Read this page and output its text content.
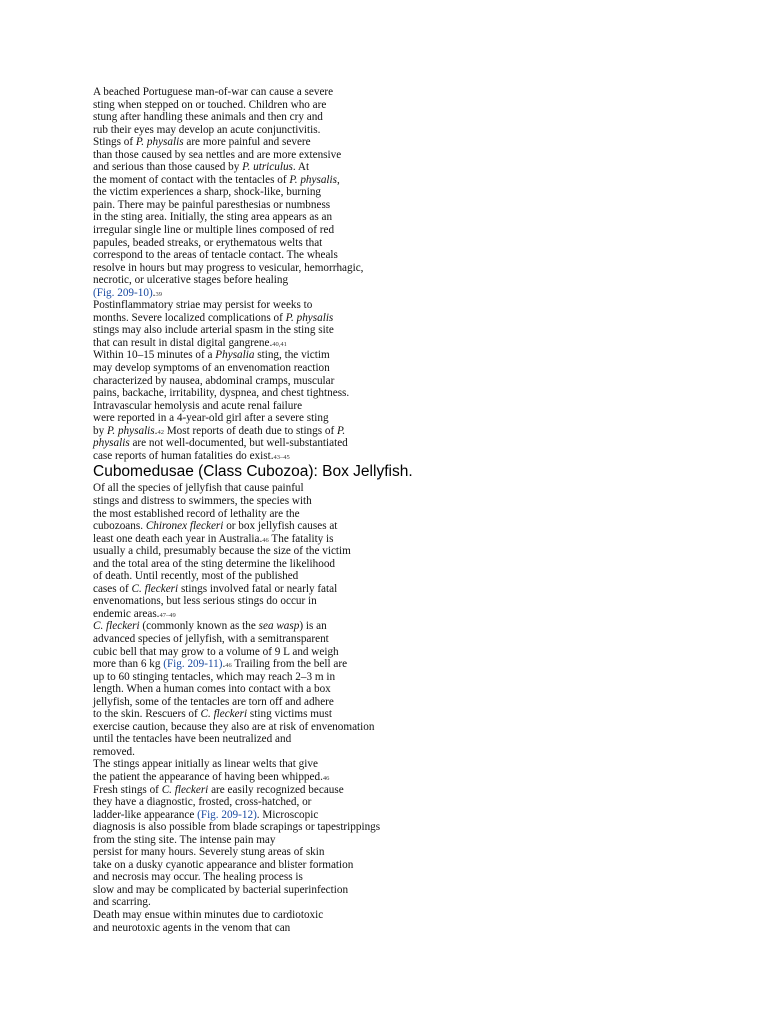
A beached Portuguese man-of-war can cause a severe
sting when stepped on or touched. Children who are
stung after handling these animals and then cry and
rub their eyes may develop an acute conjunctivitis.
Stings of P. physalis are more painful and severe
than those caused by sea nettles and are more extensive
and serious than those caused by P. utriculus. At
the moment of contact with the tentacles of P. physalis,
the victim experiences a sharp, shock-like, burning
pain. There may be painful paresthesias or numbness
in the sting area. Initially, the sting area appears as an
irregular single line or multiple lines composed of red
papules, beaded streaks, or erythematous welts that
correspond to the areas of tentacle contact. The wheals
resolve in hours but may progress to vesicular, hemorrhagic,
necrotic, or ulcerative stages before healing
(Fig. 209-10).39
Postinflammatory striae may persist for weeks to
months. Severe localized complications of P. physalis
stings may also include arterial spasm in the sting site
that can result in distal digital gangrene.40,41
Within 10–15 minutes of a Physalia sting, the victim
may develop symptoms of an envenomation reaction
characterized by nausea, abdominal cramps, muscular
pains, backache, irritability, dyspnea, and chest tightness.
Intravascular hemolysis and acute renal failure
were reported in a 4-year-old girl after a severe sting
by P. physalis.42 Most reports of death due to stings of P.
physalis are not well-documented, but well-substantiated
case reports of human fatalities do exist.43–45
Cubomedusae (Class Cubozoa): Box Jellyfish.
Of all the species of jellyfish that cause painful
stings and distress to swimmers, the species with
the most established record of lethality are the
cubozoans. Chironex fleckeri or box jellyfish causes at
least one death each year in Australia.46 The fatality is
usually a child, presumably because the size of the victim
and the total area of the sting determine the likelihood
of death. Until recently, most of the published
cases of C. fleckeri stings involved fatal or nearly fatal
envenomations, but less serious stings do occur in
endemic areas.47–49
C. fleckeri (commonly known as the sea wasp) is an
advanced species of jellyfish, with a semitransparent
cubic bell that may grow to a volume of 9 L and weigh
more than 6 kg (Fig. 209-11).46 Trailing from the bell are
up to 60 stinging tentacles, which may reach 2–3 m in
length. When a human comes into contact with a box
jellyfish, some of the tentacles are torn off and adhere
to the skin. Rescuers of C. fleckeri sting victims must
exercise caution, because they also are at risk of envenomation
until the tentacles have been neutralized and
removed.
The stings appear initially as linear welts that give
the patient the appearance of having been whipped.46
Fresh stings of C. fleckeri are easily recognized because
they have a diagnostic, frosted, cross-hatched, or
ladder-like appearance (Fig. 209-12). Microscopic
diagnosis is also possible from blade scrapings or tapestrippings
from the sting site. The intense pain may
persist for many hours. Severely stung areas of skin
take on a dusky cyanotic appearance and blister formation
and necrosis may occur. The healing process is
slow and may be complicated by bacterial superinfection
and scarring.
Death may ensue within minutes due to cardiotoxic
and neurotoxic agents in the venom that can
